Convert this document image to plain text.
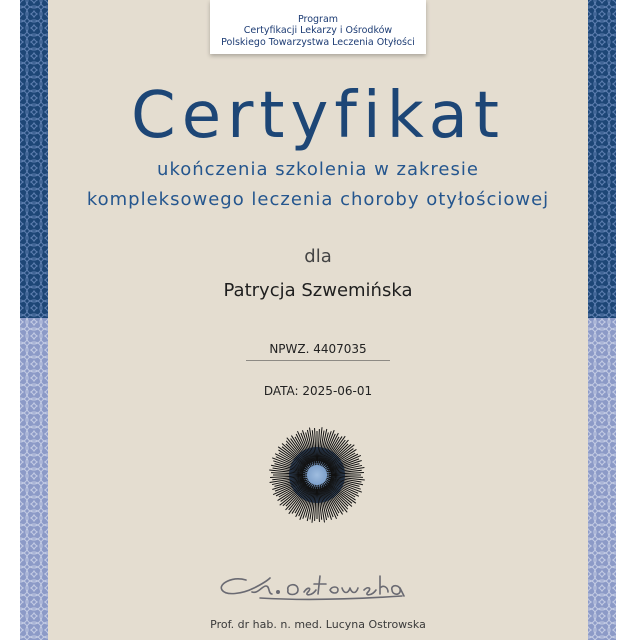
Program
Certyfikacji Lekarzy i Ośrodków
Polskiego Towarzystwa Leczenia Otyłości
Certyfikat
ukończenia szkolenia w zakresie
kompleksowego leczenia choroby otyłościowej
dla
Patrycja Szwemińska
NPWZ. 4407035
DATA: 2025-06-01
Prof. dr hab. n. med. Lucyna Ostrowska
